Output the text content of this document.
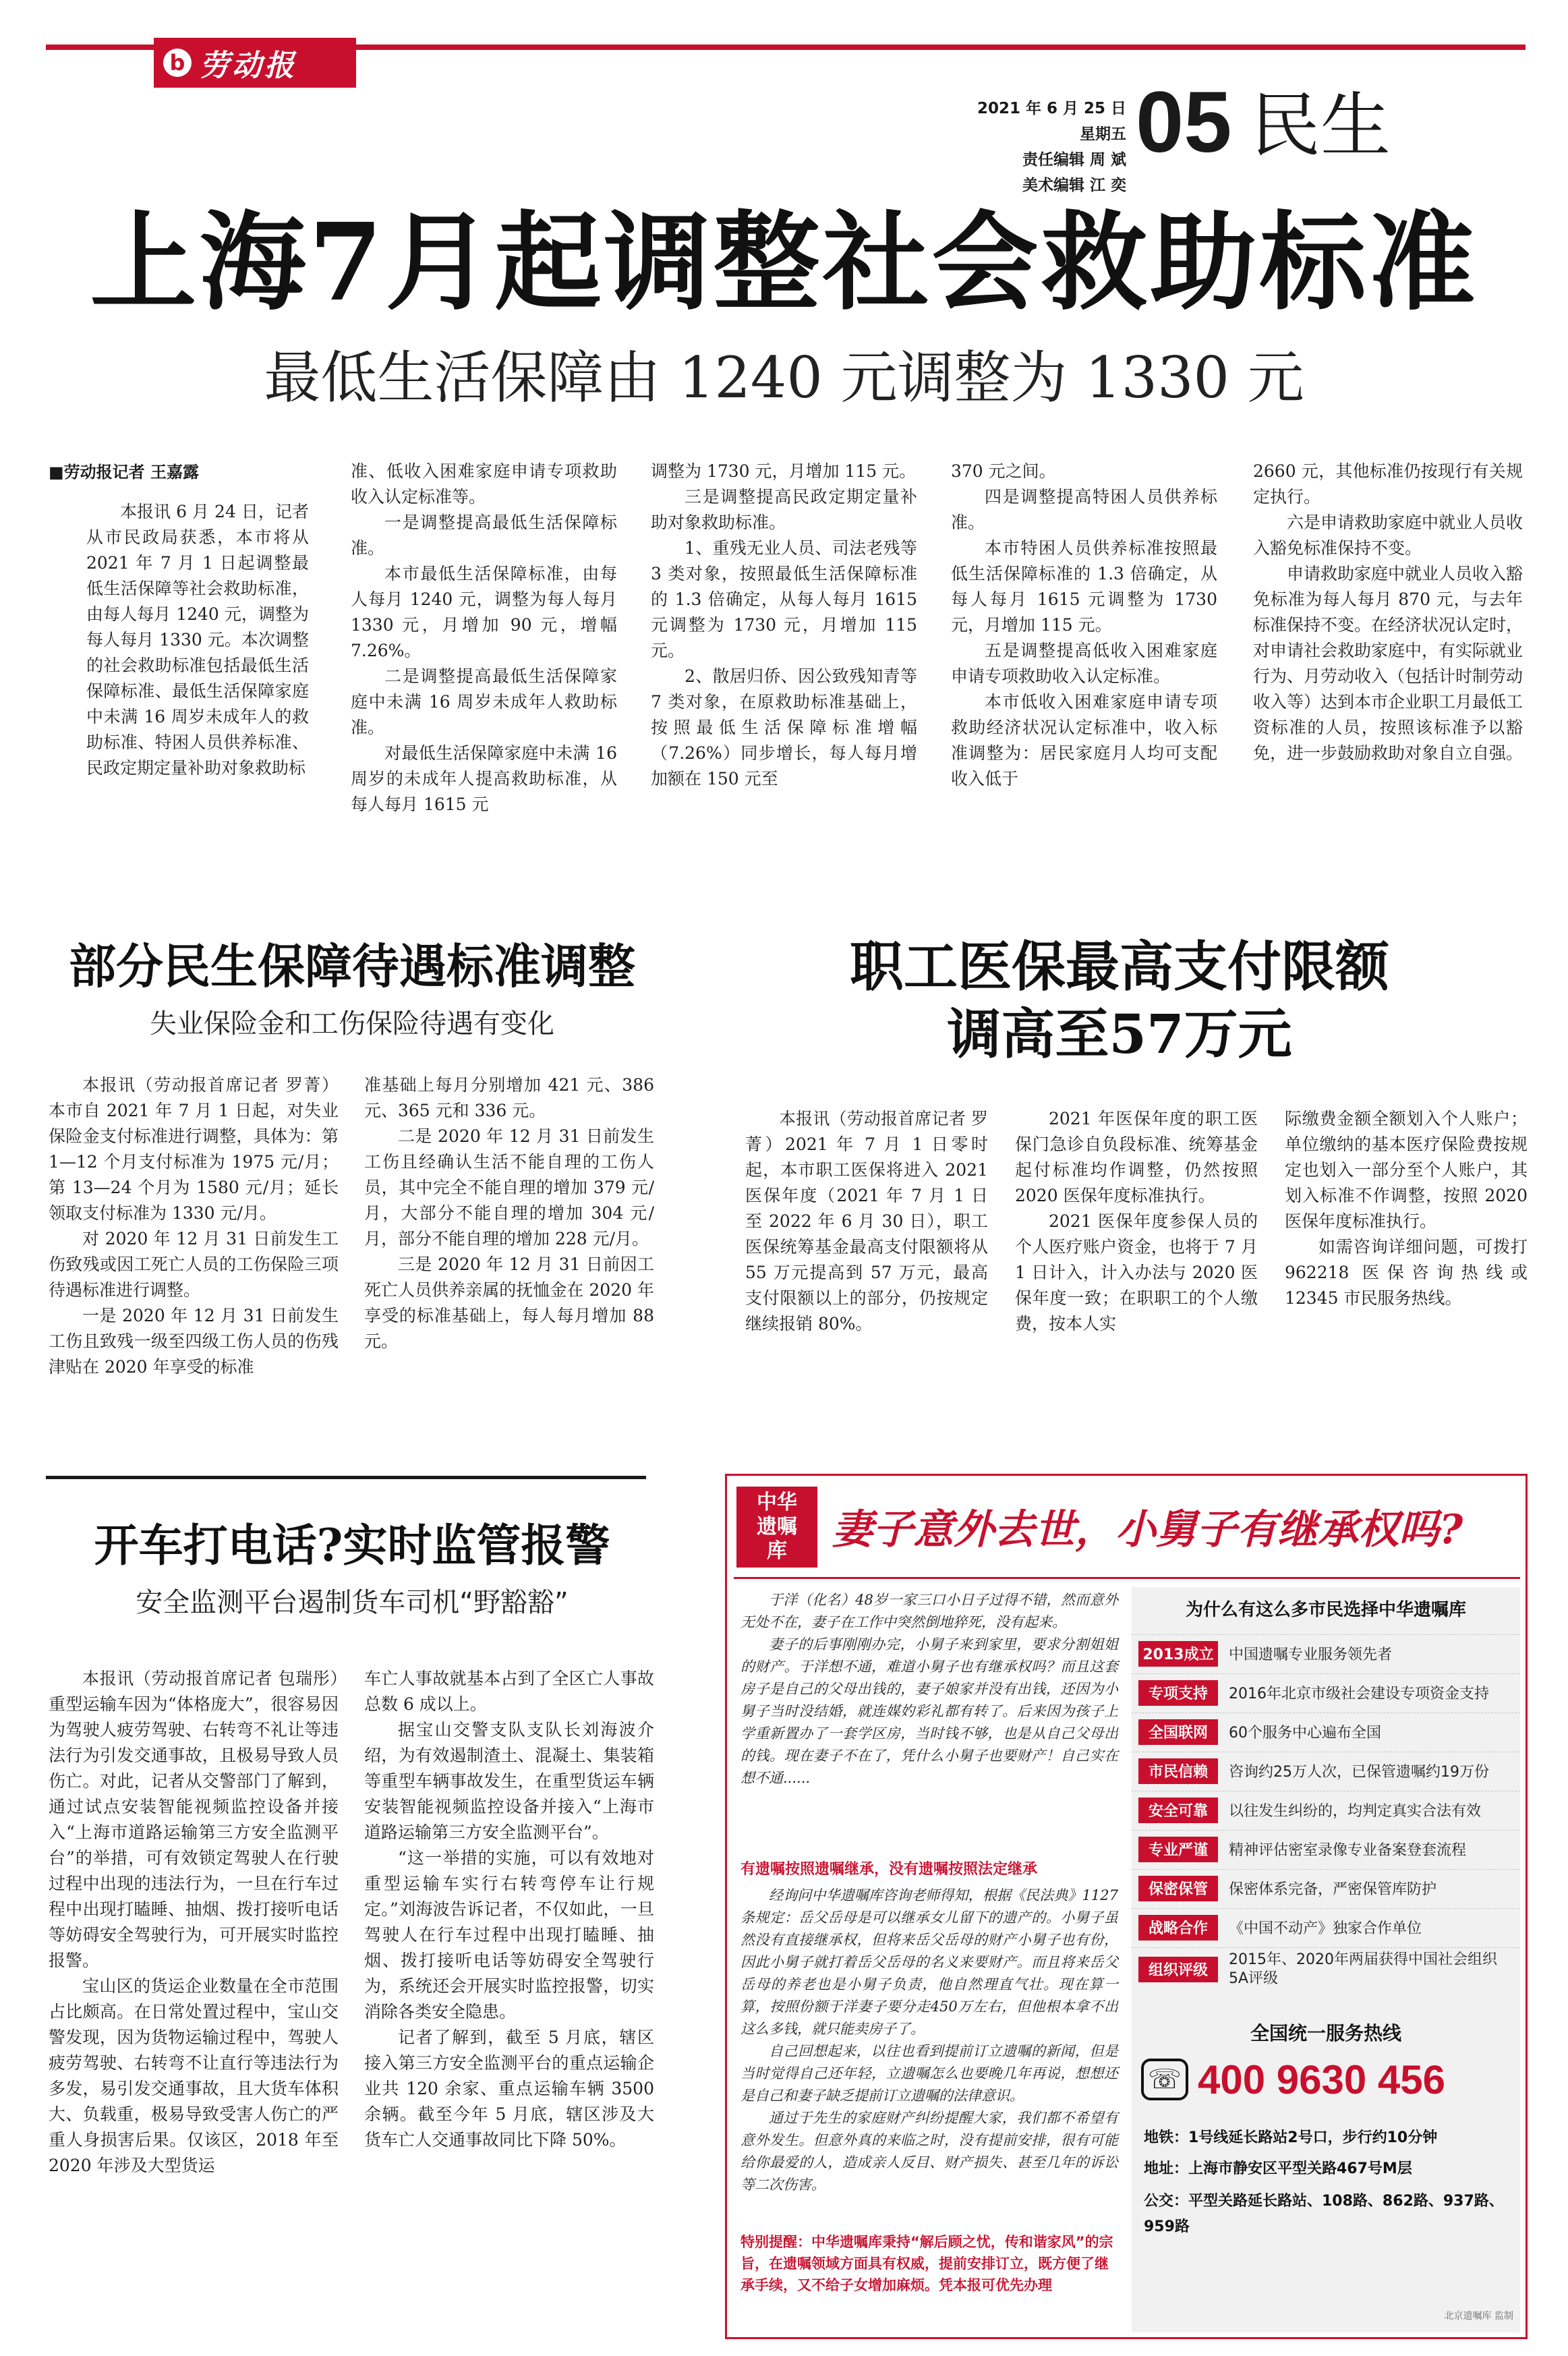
b 劳动报
2021 年 6 月 25 日 星期五
责任编辑 周 斌
美术编辑 江 奕
05 民生
上海7月起调整社会救助标准
最低生活保障由 1240 元调整为 1330 元
■劳动报记者 王嘉露

本报讯 6 月 24 日，记者从市民政局获悉，本市将从 2021 年 7 月 1 日起调整最低生活保障等社会救助标准，由每人每月 1240 元，调整为每人每月 1330 元。本次调整的社会救助标准包括最低生活保障标准、最低生活保障家庭中未满 16 周岁未成年人的救助标准、特困人员供养标准、民政定期定量补助对象救助标

准、低收入困难家庭申请专项救助收入认定标准等。

一是调整提高最低生活保障标准。

本市最低生活保障标准，由每人每月 1240 元，调整为每人每月 1330 元，月增加 90 元，增幅 7.26%。

二是调整提高最低生活保障家庭中未满 16 周岁未成年人救助标准。

对最低生活保障家庭中未满 16 周岁的未成年人提高救助标准，从每人每月 1615 元

调整为 1730 元，月增加 115 元。

三是调整提高民政定期定量补助对象救助标准。

1、重残无业人员、司法老残等 3 类对象，按照最低生活保障标准的 1.3 倍确定，从每人每月 1615 元调整为 1730 元，月增加 115 元。

2、散居归侨、因公致残知青等 7 类对象，在原救助标准基础上，按照最低生活保障标准增幅（7.26%）同步增长，每人每月增加额在 150 元至

370 元之间。

四是调整提高特困人员供养标准。

本市特困人员供养标准按照最低生活保障标准的 1.3 倍确定，从每人每月 1615 元调整为 1730 元，月增加 115 元。

五是调整提高低收入困难家庭申请专项救助收入认定标准。

本市低收入困难家庭申请专项救助经济状况认定标准中，收入标准调整为：居民家庭月人均可支配收入低于

2660 元，其他标准仍按现行有关规定执行。

六是申请救助家庭中就业人员收入豁免标准保持不变。

申请救助家庭中就业人员收入豁免标准为每人每月 870 元，与去年标准保持不变。在经济状况认定时，对申请社会救助家庭中，有实际就业行为、月劳动收入（包括计时制劳动收入等）达到本市企业职工月最低工资标准的人员，按照该标准予以豁免，进一步鼓励救助对象自立自强。

部分民生保障待遇标准调整
失业保险金和工伤保险待遇有变化

本报讯（劳动报首席记者 罗菁）本市自 2021 年 7 月 1 日起，对失业保险金支付标准进行调整，具体为：第 1—12 个月支付标准为 1975 元/月；第 13—24 个月为 1580 元/月；延长领取支付标准为 1330 元/月。

对 2020 年 12 月 31 日前发生工伤致残或因工死亡人员的工伤保险三项待遇标准进行调整。

一是 2020 年 12 月 31 日前发生工伤且致残一级至四级工伤人员的伤残津贴在 2020 年享受的标准

准基础上每月分别增加 421 元、386 元、365 元和 336 元。

二是 2020 年 12 月 31 日前发生工伤且经确认生活不能自理的工伤人员，其中完全不能自理的增加 379 元/月，大部分不能自理的增加 304 元/月，部分不能自理的增加 228 元/月。

三是 2020 年 12 月 31 日前因工死亡人员供养亲属的抚恤金在 2020 年享受的标准基础上，每人每月增加 88 元。

职工医保最高支付限额
调高至57万元

本报讯（劳动报首席记者 罗菁）2021 年 7 月 1 日零时起，本市职工医保将进入 2021 医保年度（2021 年 7 月 1 日至 2022 年 6 月 30 日），职工医保统筹基金最高支付限额将从 55 万元提高到 57 万元，最高支付限额以上的部分，仍按规定继续报销 80%。

2021 年医保年度的职工医保门急诊自负段标准、统筹基金起付标准均作调整，仍然按照 2020 医保年度标准执行。

2021 医保年度参保人员的个人医疗账户资金，也将于 7 月 1 日计入，计入办法与 2020 医保年度一致；在职职工的个人缴费，按本人实

际缴费金额全额划入个人账户；单位缴纳的基本医疗保险费按规定也划入一部分至个人账户，其划入标准不作调整，按照 2020 医保年度标准执行。

如需咨询详细问题，可拨打 962218 医保咨询热线或 12345 市民服务热线。

开车打电话?实时监管报警
安全监测平台遏制货车司机“野豁豁”

本报讯（劳动报首席记者 包瑞彤）重型运输车因为“体格庞大”，很容易因为驾驶人疲劳驾驶、右转弯不礼让等违法行为引发交通事故，且极易导致人员伤亡。对此，记者从交警部门了解到，通过试点安装智能视频监控设备并接入“上海市道路运输第三方安全监测平台”的举措，可有效锁定驾驶人在行驶过程中出现的违法行为，一旦在行车过程中出现打瞌睡、抽烟、拨打接听电话等妨碍安全驾驶行为，可开展实时监控报警。

宝山区的货运企业数量在全市范围占比颇高。在日常处置过程中，宝山交警发现，因为货物运输过程中，驾驶人疲劳驾驶、右转弯不让直行等违法行为多发，易引发交通事故，且大货车体积大、负载重，极易导致受害人伤亡的严重人身损害后果。仅该区，2018 年至 2020 年涉及大型货运

车亡人事故就基本占到了全区亡人事故总数 6 成以上。

据宝山交警支队支队长刘海波介绍，为有效遏制渣土、混凝土、集装箱等重型车辆事故发生，在重型货运车辆安装智能视频监控设备并接入“上海市道路运输第三方安全监测平台”。

“这一举措的实施，可以有效地对重型运输车实行右转弯停车让行规定。”刘海波告诉记者，不仅如此，一旦驾驶人在行车过程中出现打瞌睡、抽烟、拨打接听电话等妨碍安全驾驶行为，系统还会开展实时监控报警，切实消除各类安全隐患。

记者了解到，截至 5 月底，辖区接入第三方安全监测平台的重点运输企业共 120 余家、重点运输车辆 3500 余辆。截至今年 5 月底，辖区涉及大货车亡人交通事故同比下降 50%。

中华遗嘱库	妻子意外去世，小舅子有继承权吗?

于洋（化名）48岁一家三口小日子过得不错，然而意外无处不在，妻子在工作中突然倒地猝死，没有起来。

妻子的后事刚刚办完，小舅子来到家里，要求分割姐姐的财产。于洋想不通，难道小舅子也有继承权吗？而且这套房子是自己的父母出钱的，妻子娘家并没有出钱，还因为小舅子当时没结婚，就连媒妁彩礼都有转了。后来因为孩子上学重新置办了一套学区房，当时钱不够，也是从自己父母出的钱。现在妻子不在了，凭什么小舅子也要财产！自己实在想不通......

有遗嘱按照遗嘱继承，没有遗嘱按照法定继承

经询问中华遗嘱库咨询老师得知，根据《民法典》1127条规定：岳父岳母是可以继承女儿留下的遗产的。小舅子虽然没有直接继承权，但将来岳父岳母的财产小舅子也有份，因此小舅子就打着岳父岳母的名义来要财产。而且将来岳父岳母的养老也是小舅子负责，他自然理直气壮。现在算一算，按照份额于洋妻子要分走450万左右，但他根本拿不出这么多钱，就只能卖房子了。

自己回想起来，以往也看到提前订立遗嘱的新闻，但是当时觉得自己还年轻，立遗嘱怎么也要晚几年再说，想想还是自己和妻子缺乏提前订立遗嘱的法律意识。

通过于先生的家庭财产纠纷提醒大家，我们都不希望有意外发生。但意外真的来临之时，没有提前安排，很有可能给你最爱的人，造成亲人反目、财产损失、甚至几年的诉讼等二次伤害。

特别提醒：中华遗嘱库秉持“解后顾之忧，传和谐家风”的宗旨，在遗嘱领域方面具有权威，提前安排订立，既方便了继承手续，又不给子女增加麻烦。凭本报可优先办理
为什么有这么多市民选择中华遗嘱库
2013成立 中国遗嘱专业服务领先者
专项支持	2016年北京市级社会建设专项资金支持
全国联网	60个服务中心遍布全国
市民信赖	咨询约25万人次，已保管遗嘱约19万份
安全可靠	以往发生纠纷的，均判定真实合法有效
专业严谨	精神评估密室录像专业备案登套流程
保密保管	保密体系完备，严密保管库防护
战略合作	《中国不动产》独家合作单位
组织评级
2015年、2020年两届获得中国社会组织5A评级
全国统一服务热线
☏ 400 9630 456
地铁：1号线延长路站2号口，步行约10分钟
地址：上海市静安区平型关路467号M层
公交：平型关路延长路站、108路、862路、937路、959路
北京遗嘱库 监制
